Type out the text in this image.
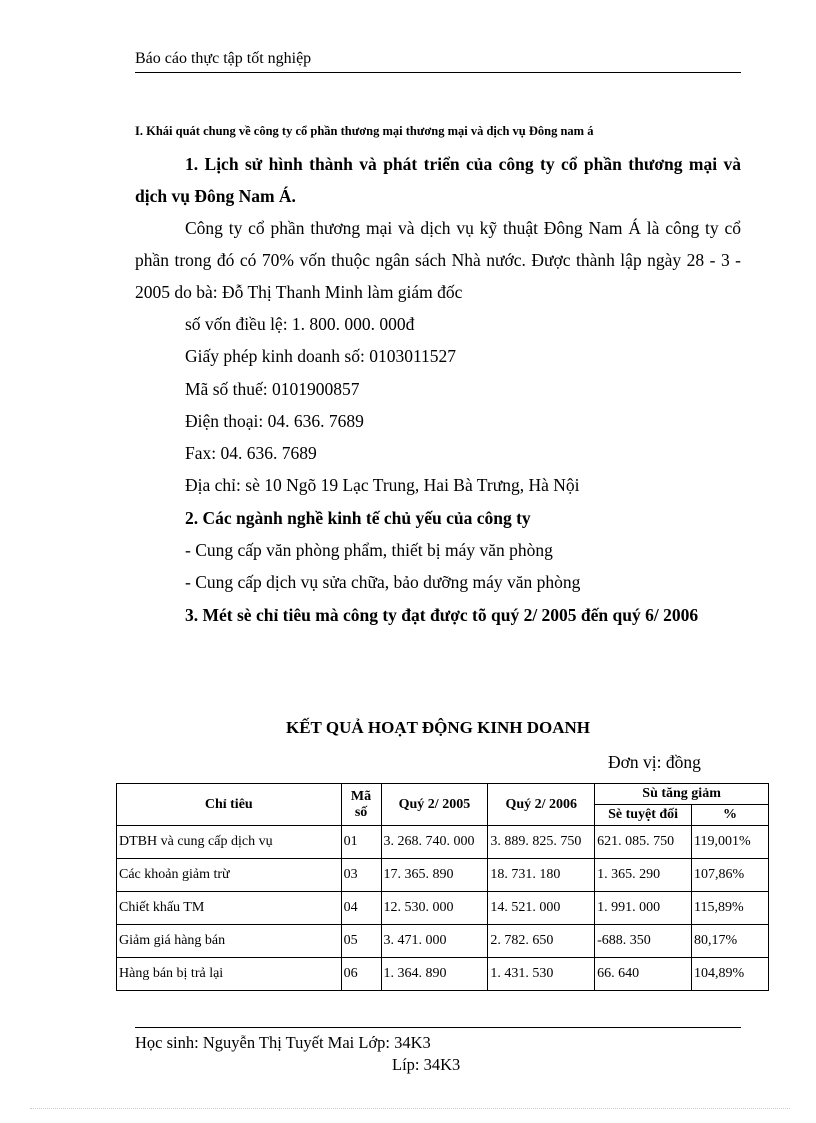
Báo cáo thực tập tốt nghiệp

I. Khái quát chung về công ty cổ phần thương mại thương mại và dịch vụ Đông nam á

1. Lịch sử hình thành và phát triển của công ty cổ phần thương mại và dịch vụ Đông Nam Á.

Công ty cổ phần thương mại và dịch vụ kỹ thuật Đông Nam Á là công ty cổ phần trong đó có 70% vốn thuộc ngân sách Nhà nước. Được thành lập ngày 28 - 3 - 2005 do bà: Đỗ Thị Thanh Minh làm giám đốc

số vốn điều lệ: 1. 800. 000. 000đ

Giấy phép kinh doanh số: 0103011527

Mã số thuế: 0101900857

Điện thoại: 04. 636. 7689

Fax: 04. 636. 7689

Địa chỉ: sè 10 Ngõ 19 Lạc Trung, Hai Bà Trưng, Hà Nội

2. Các ngành nghề kinh tế chủ yếu của công ty

- Cung cấp văn phòng phẩm, thiết bị máy văn phòng

- Cung cấp dịch vụ sửa chữa, bảo dưỡng máy văn phòng

3. Mét sè chỉ tiêu mà công ty đạt được tõ quý 2/ 2005 đến quý 6/ 2006

KẾT QUẢ HOẠT ĐỘNG KINH DOANH
Đơn vị: đồng
Chỉ tiêu	Mã số	Quý 2/ 2005	Quý 2/ 2006	Sù tăng giảm	
				Sè tuyệt đối	%
DTBH và cung cấp dịch vụ	01	3. 268. 740. 000	3. 889. 825. 750	621. 085. 750	119,001%
Các khoản giảm trừ	03	17. 365. 890	18. 731. 180	1. 365. 290	107,86%
Chiết khấu TM	04	12. 530. 000	14. 521. 000	1. 991. 000	115,89%
Giảm giá hàng bán	05	3. 471. 000	2. 782. 650	-688. 350	80,17%
Hàng bán bị trả lại	06	1. 364. 890	1. 431. 530	66. 640	104,89%
Học sinh: Nguyễn Thị Tuyết Mai Lớp: 34K3
Líp: 34K3
